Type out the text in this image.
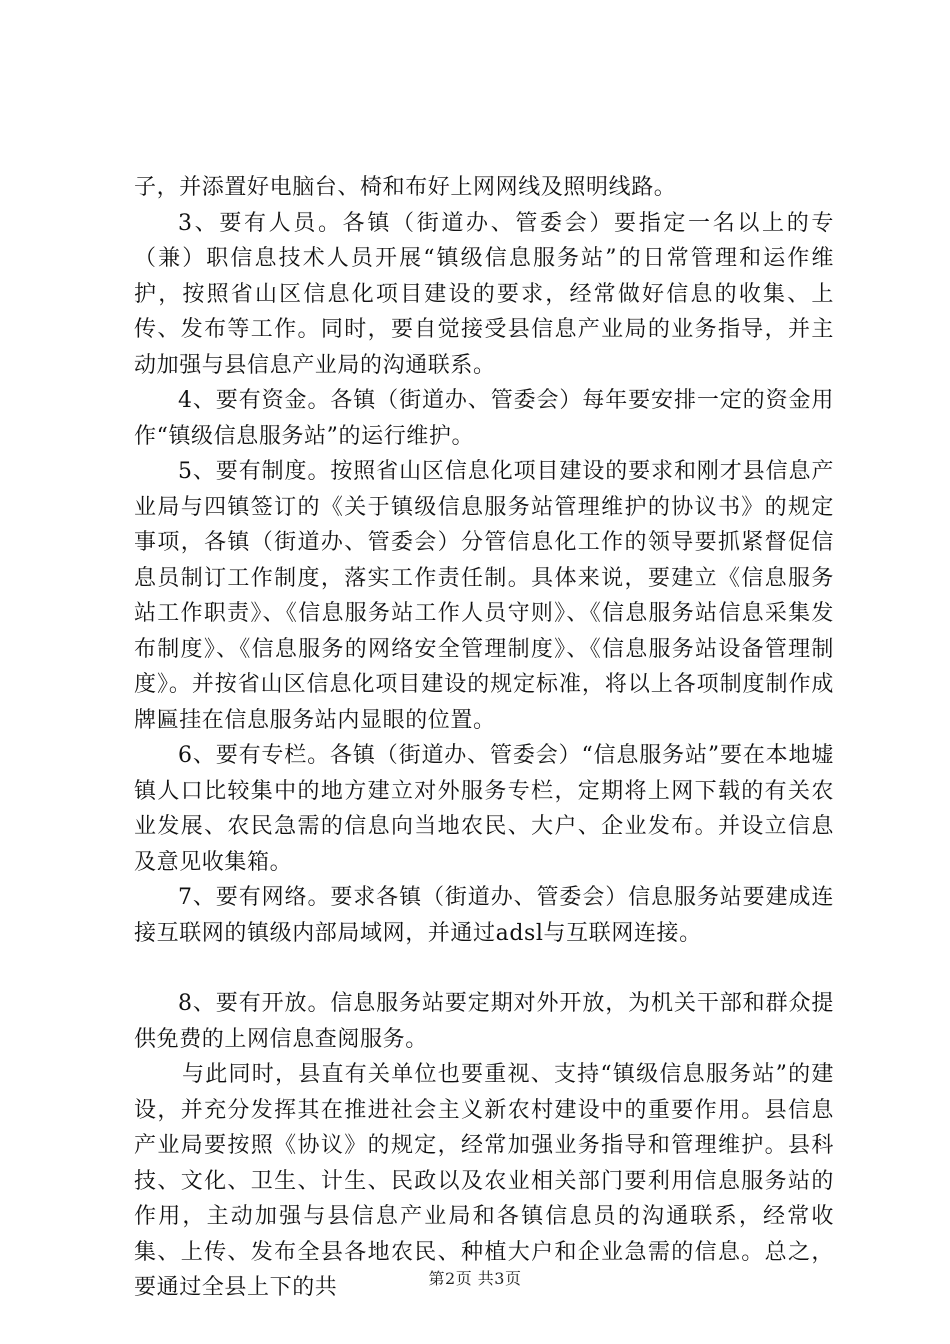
子，并添置好电脑台、椅和布好上网网线及照明线路。

3、要有人员。各镇（街道办、管委会）要指定一名以上的专（兼）职信息技术人员开展“镇级信息服务站”的日常管理和运作维护，按照省山区信息化项目建设的要求，经常做好信息的收集、上传、发布等工作。同时，要自觉接受县信息产业局的业务指导，并主动加强与县信息产业局的沟通联系。

4、要有资金。各镇（街道办、管委会）每年要安排一定的资金用作“镇级信息服务站”的运行维护。

5、要有制度。按照省山区信息化项目建设的要求和刚才县信息产业局与四镇签订的《关于镇级信息服务站管理维护的协议书》的规定事项，各镇（街道办、管委会）分管信息化工作的领导要抓紧督促信息员制订工作制度，落实工作责任制。具体来说，要建立《信息服务站工作职责》、《信息服务站工作人员守则》、《信息服务站信息采集发布制度》、《信息服务的网络安全管理制度》、《信息服务站设备管理制度》。并按省山区信息化项目建设的规定标准，将以上各项制度制作成牌匾挂在信息服务站内显眼的位置。

6、要有专栏。各镇（街道办、管委会）“信息服务站”要在本地墟镇人口比较集中的地方建立对外服务专栏，定期将上网下载的有关农业发展、农民急需的信息向当地农民、大户、企业发布。并设立信息及意见收集箱。

7、要有网络。要求各镇（街道办、管委会）信息服务站要建成连接互联网的镇级内部局域网，并通过adsl与互联网连接。

8、要有开放。信息服务站要定期对外开放，为机关干部和群众提供免费的上网信息查阅服务。

与此同时，县直有关单位也要重视、支持“镇级信息服务站”的建设，并充分发挥其在推进社会主义新农村建设中的重要作用。县信息产业局要按照《协议》的规定，经常加强业务指导和管理维护。县科技、文化、卫生、计生、民政以及农业相关部门要利用信息服务站的作用，主动加强与县信息产业局和各镇信息员的沟通联系，经常收集、上传、发布全县各地农民、种植大户和企业急需的信息。总之，要通过全县上下的共	第2页 共3页
